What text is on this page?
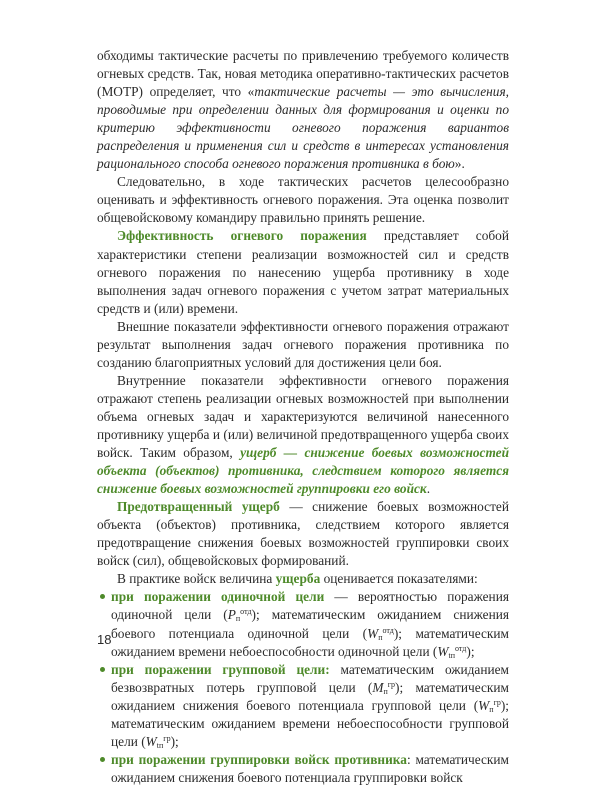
обходимы тактические расчеты по привлечению требуемого количеств огневых средств. Так, новая методика оперативно-тактических расчетов (МОТР) определяет, что «тактические расчеты — это вычисления, проводимые при определении данных для формирования и оценки по критерию эффективности огневого поражения вариантов распределения и применения сил и средств в интересах установления рационального способа огневого поражения противника в бою».

Следовательно, в ходе тактических расчетов целесообразно оценивать и эффективность огневого поражения. Эта оценка позволит общевойсковому командиру правильно принять решение.

Эффективность огневого поражения представляет собой характеристики степени реализации возможностей сил и средств огневого поражения по нанесению ущерба противнику в ходе выполнения задач огневого поражения с учетом затрат материальных средств и (или) времени.

Внешние показатели эффективности огневого поражения отражают результат выполнения задач огневого поражения противника по созданию благоприятных условий для достижения цели боя.

Внутренние показатели эффективности огневого поражения отражают степень реализации огневых возможностей при выполнении объема огневых задач и характеризуются величиной нанесенного противнику ущерба и (или) величиной предотвращенного ущерба своих войск. Таким образом, ущерб — снижение боевых возможностей объекта (объектов) противника, следствием которого является снижение боевых возможностей группировки его войск.

Предотвращенный ущерб — снижение боевых возможностей объекта (объектов) противника, следствием которого является предотвращение снижения боевых возможностей группировки своих войск (сил), общевойсковых формирований.

В практике войск величина ущерба оценивается показателями:

при поражении одиночной цели — вероятностью поражения одиночной цели $(P_п^{отд})$; математическим ожиданием снижения боевого потенциала одиночной цели $(W_п^{отд})$; математическим ожиданием времени небоеспособности одиночной цели $(W_{tп}^{отд})$;
при поражении групповой цели: математическим ожиданием безвозвратных потерь групповой цели $(M_п^{гр})$; математическим ожиданием снижения боевого потенциала групповой цели $(W_п^{гр})$; математическим ожиданием времени небоеспособности групповой цели $(W_{tп}^{гр})$;
при поражении группировки войск противника: математическим ожиданием снижения боевого потенциала группировки войск
18
